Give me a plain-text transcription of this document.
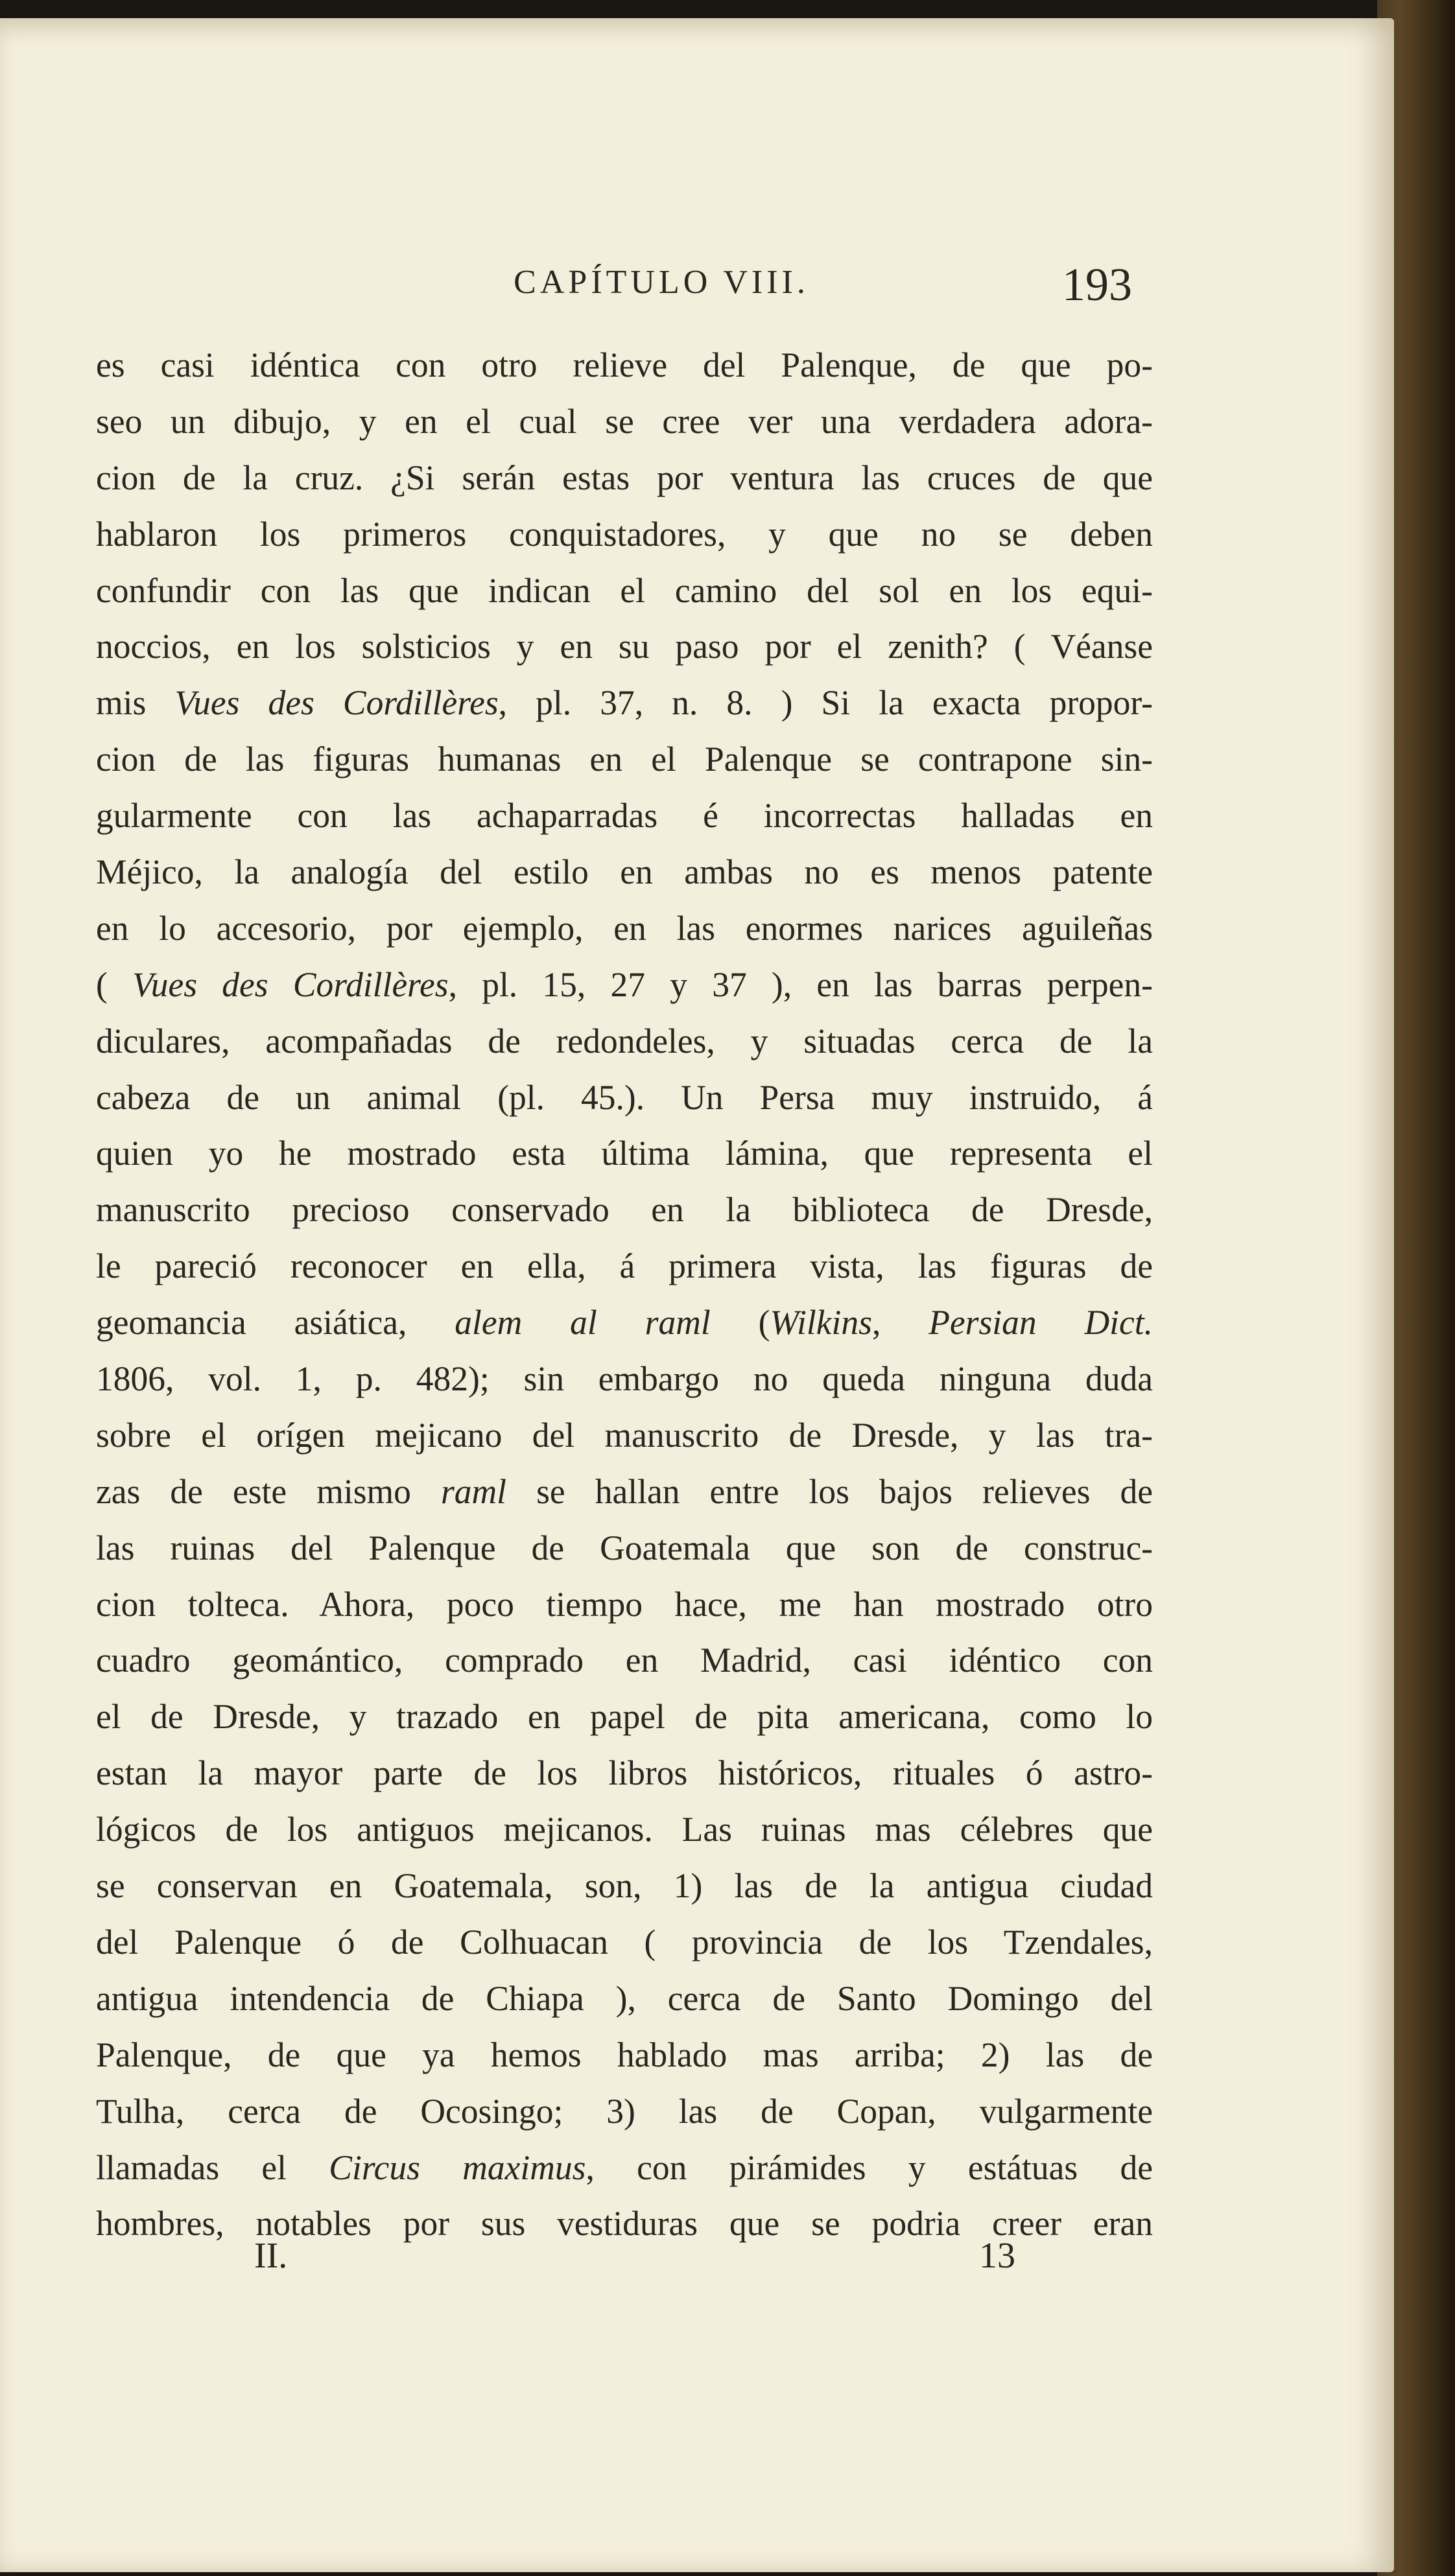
CAPÍTULO VIII.	193
es casi idéntica con otro relieve del Palenque, de que po-
seo un dibujo, y en el cual se cree ver una verdadera adora-
cion de la cruz. ¿Si serán estas por ventura las cruces de que
hablaron los primeros conquistadores, y que no se deben
confundir con las que indican el camino del sol en los equi-
noccios, en los solsticios y en su paso por el zenith? ( Véanse
mis Vues des Cordillères, pl. 37, n. 8. ) Si la exacta propor-
cion de las figuras humanas en el Palenque se contrapone sin-
gularmente con las achaparradas é incorrectas halladas en
Méjico, la analogía del estilo en ambas no es menos patente
en lo accesorio, por ejemplo, en las enormes narices aguileñas
( Vues des Cordillères, pl. 15, 27 y 37 ), en las barras perpen-
diculares, acompañadas de redondeles, y situadas cerca de la
cabeza de un animal (pl. 45.). Un Persa muy instruido, á
quien yo he mostrado esta última lámina, que representa el
manuscrito precioso conservado en la biblioteca de Dresde,
le pareció reconocer en ella, á primera vista, las figuras de
geomancia asiática, alem al raml (Wilkins, Persian Dict.
1806, vol. 1, p. 482); sin embargo no queda ninguna duda
sobre el orígen mejicano del manuscrito de Dresde, y las tra-
zas de este mismo raml se hallan entre los bajos relieves de
las ruinas del Palenque de Goatemala que son de construc-
cion tolteca. Ahora, poco tiempo hace, me han mostrado otro
cuadro geomántico, comprado en Madrid, casi idéntico con
el de Dresde, y trazado en papel de pita americana, como lo
estan la mayor parte de los libros históricos, rituales ó astro-
lógicos de los antiguos mejicanos. Las ruinas mas célebres que
se conservan en Goatemala, son, 1) las de la antigua ciudad
del Palenque ó de Colhuacan ( provincia de los Tzendales,
antigua intendencia de Chiapa ), cerca de Santo Domingo del
Palenque, de que ya hemos hablado mas arriba; 2) las de
Tulha, cerca de Ocosingo; 3) las de Copan, vulgarmente
llamadas el Circus maximus, con pirámides y estátuas de
hombres, notables por sus vestiduras que se podria creer eran
II.	13
